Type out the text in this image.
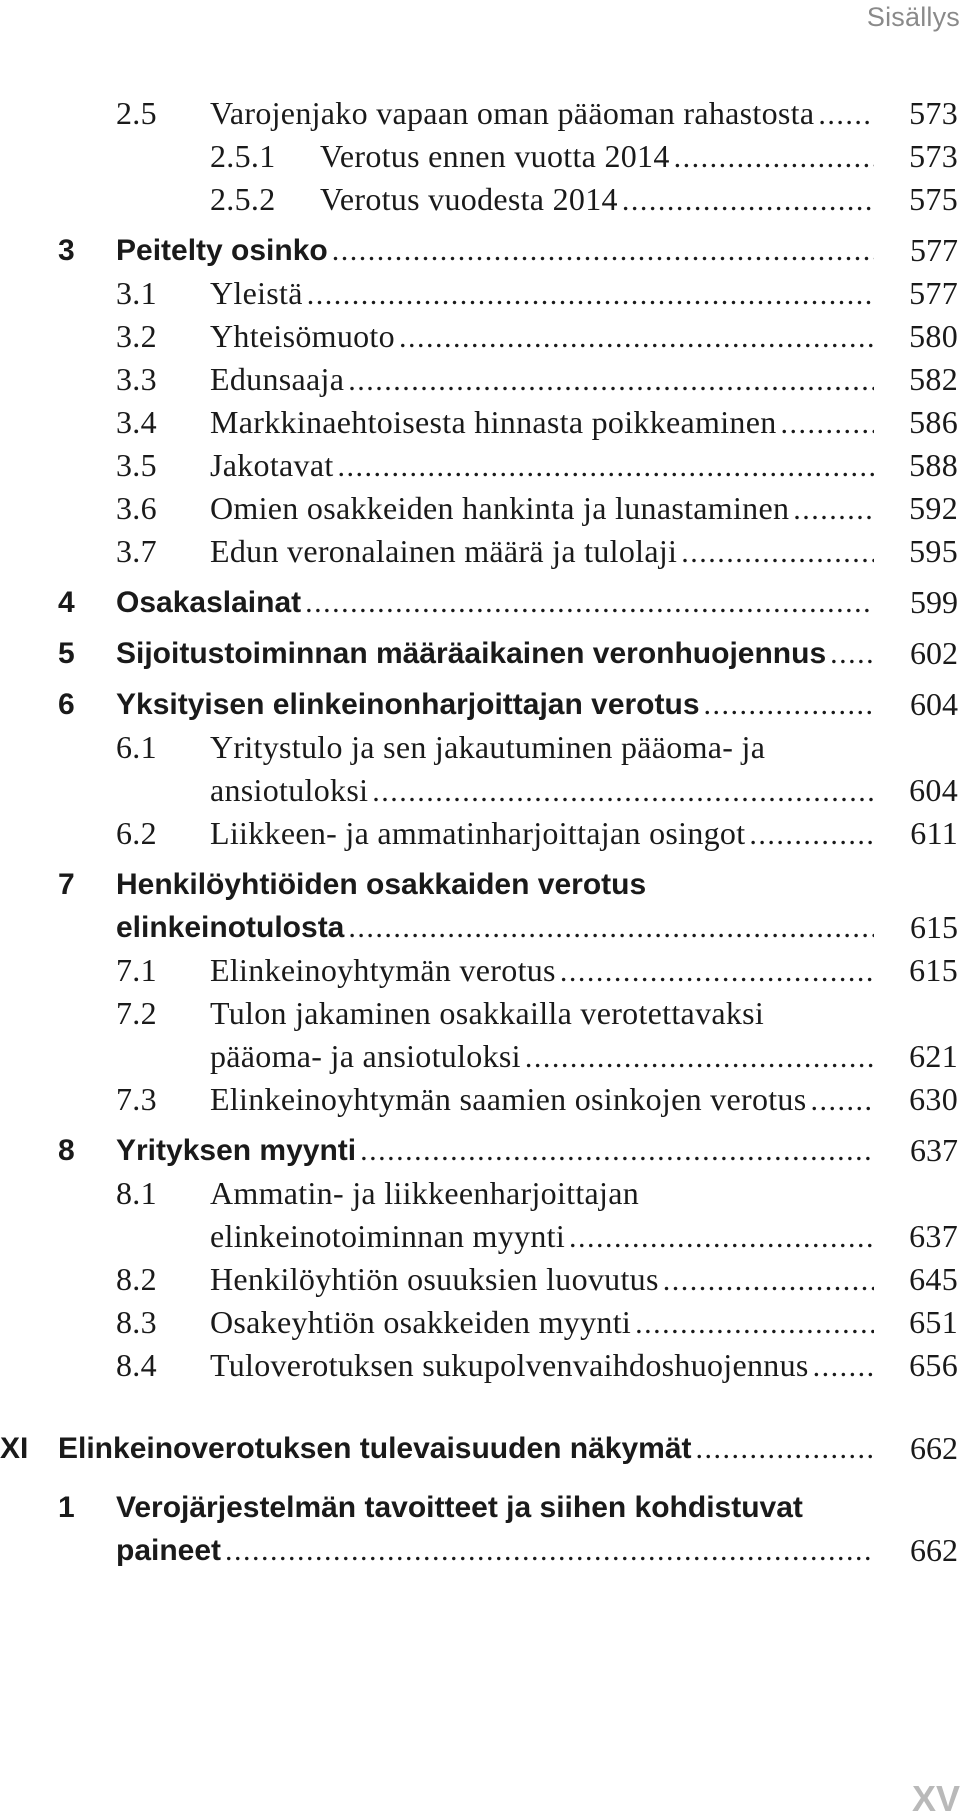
Sisällys
2.5 Varojenjako vapaan oman pääoman rahastosta . . .	573
2.5.1 Verotus ennen vuotta 2014 . . .	573
2.5.2 Verotus vuodesta 2014 . . .	575
3 Peitelty osinko . . .	577
3.1 Yleistä . . .	577
3.2 Yhteisömuoto . . .	580
3.3 Edunsaaja . . .	582
3.4 Markkinaehtoisesta hinnasta poikkeaminen . . .	586
3.5 Jakotavat . . .	588
3.6 Omien osakkeiden hankinta ja lunastaminen . . .	592
3.7 Edun veronalainen määrä ja tulolaji . . .	595
4 Osakaslainat . . .	599
5 Sijoitustoiminnan määräaikainen veronhuojennus . . .	602
6 Yksityisen elinkeinonharjoittajan verotus . . .	604
6.1 Yritystulo ja sen jakautuminen pääoma- ja
ansiotuloksi . . .	604
6.2 Liikkeen- ja ammatinharjoittajan osingot . . .	611
7 Henkilöyhtiöiden osakkaiden verotus
elinkeinotulosta . . .	615
7.1 Elinkeinoyhtymän verotus . . .	615
7.2 Tulon jakaminen osakkailla verotettavaksi
pääoma- ja ansiotuloksi . . .	621
7.3 Elinkeinoyhtymän saamien osinkojen verotus . . .	630
8 Yrityksen myynti . . .	637
8.1 Ammatin- ja liikkeenharjoittajan
elinkeinotoiminnan myynti . . .	637
8.2 Henkilöyhtiön osuuksien luovutus . . .	645
8.3 Osakeyhtiön osakkeiden myynti . . .	651
8.4 Tuloverotuksen sukupolvenvaihdoshuojennus . . .	656
XI Elinkeinoverotuksen tulevaisuuden näkymät . . .	662
1 Verojärjestelmän tavoitteet ja siihen kohdistuvat
paineet . . .	662
XV
